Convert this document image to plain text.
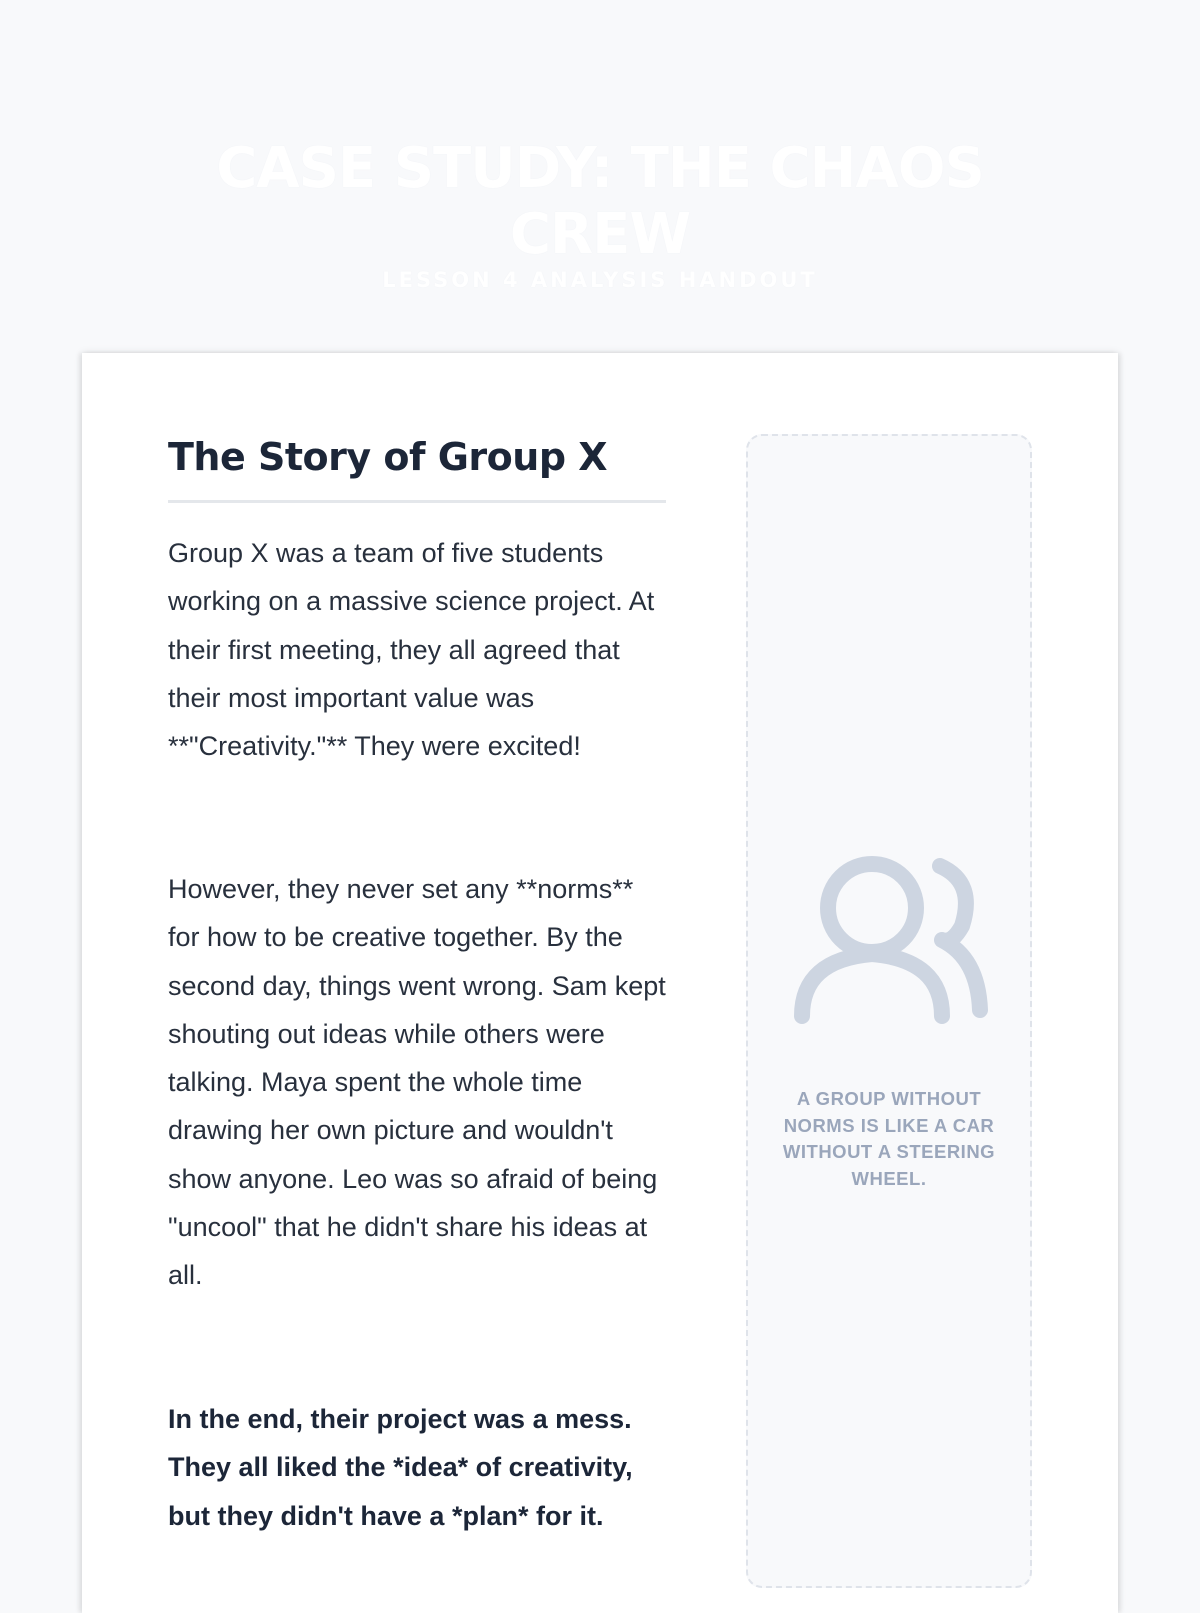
CASE STUDY: THE CHAOS CREW

LESSON 4 ANALYSIS HANDOUT

The Story of Group X

Group X was a team of five students working on a massive science project. At their first meeting, they all agreed that their most important value was **"Creativity."** They were excited!

However, they never set any **norms** for how to be creative together. By the second day, things went wrong. Sam kept shouting out ideas while others were talking. Maya spent the whole time drawing her own picture and wouldn't show anyone. Leo was so afraid of being "uncool" that he didn't share his ideas at all.

In the end, their project was a mess. They all liked the *idea* of creativity, but they didn't have a *plan* for it.

A GROUP WITHOUT NORMS IS LIKE A CAR WITHOUT A STEERING WHEEL.
